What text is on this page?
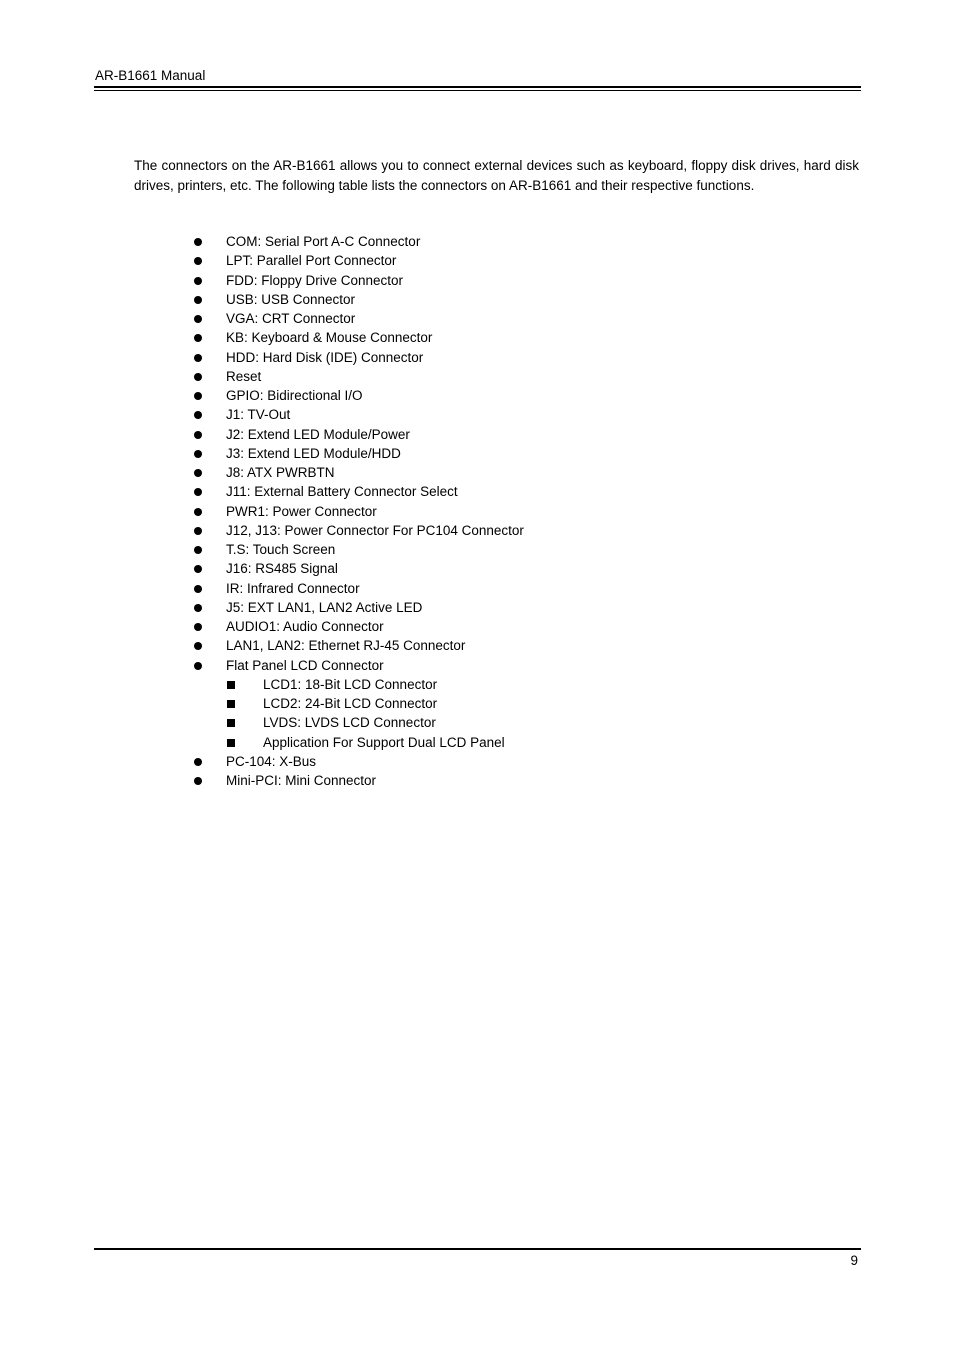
AR-B1661 Manual

The connectors on the AR-B1661 allows you to connect external devices such as keyboard, floppy disk drives, hard disk drives, printers, etc. The following table lists the connectors on AR-B1661 and their respective functions.

COM: Serial Port A-C Connector
LPT: Parallel Port Connector
FDD: Floppy Drive Connector
USB: USB Connector
VGA: CRT Connector
KB: Keyboard & Mouse Connector
HDD: Hard Disk (IDE) Connector
Reset
GPIO: Bidirectional I/O
J1: TV-Out
J2: Extend LED Module/Power
J3: Extend LED Module/HDD
J8: ATX PWRBTN
J11: External Battery Connector Select
PWR1: Power Connector
J12, J13: Power Connector For PC104 Connector
T.S: Touch Screen
J16: RS485 Signal
IR: Infrared Connector
J5: EXT LAN1, LAN2 Active LED
AUDIO1: Audio Connector
LAN1, LAN2: Ethernet RJ-45 Connector
Flat Panel LCD Connector
LCD1: 18-Bit LCD Connector
LCD2: 24-Bit LCD Connector
LVDS: LVDS LCD Connector
Application For Support Dual LCD Panel
PC-104: X-Bus
Mini-PCI: Mini Connector
9
